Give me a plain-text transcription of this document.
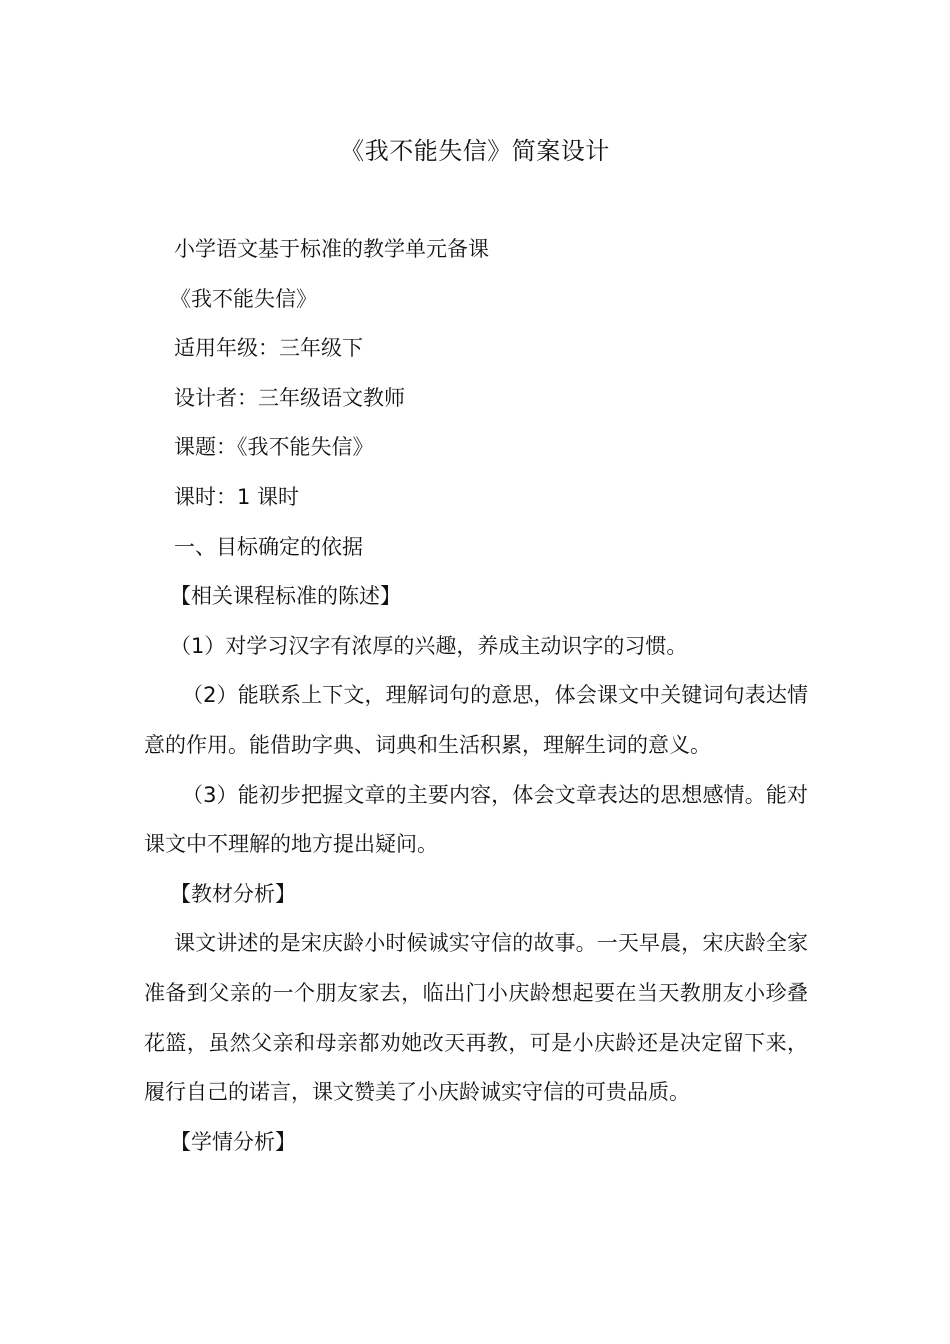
《我不能失信》简案设计

小学语文基于标准的教学单元备课

《我不能失信》

适用年级：三年级下

设计者：三年级语文教师

课题：《我不能失信》

课时：1 课时

一、目标确定的依据

【相关课程标准的陈述】

（1）对学习汉字有浓厚的兴趣，养成主动识字的习惯。

（2）能联系上下文，理解词句的意思，体会课文中关键词句表达情意的作用。能借助字典、词典和生活积累，理解生词的意义。

（3）能初步把握文章的主要内容，体会文章表达的思想感情。能对课文中不理解的地方提出疑问。

【教材分析】

课文讲述的是宋庆龄小时候诚实守信的故事。一天早晨，宋庆龄全家准备到父亲的一个朋友家去，临出门小庆龄想起要在当天教朋友小珍叠花篮，虽然父亲和母亲都劝她改天再教，可是小庆龄还是决定留下来，履行自己的诺言，课文赞美了小庆龄诚实守信的可贵品质。

【学情分析】
